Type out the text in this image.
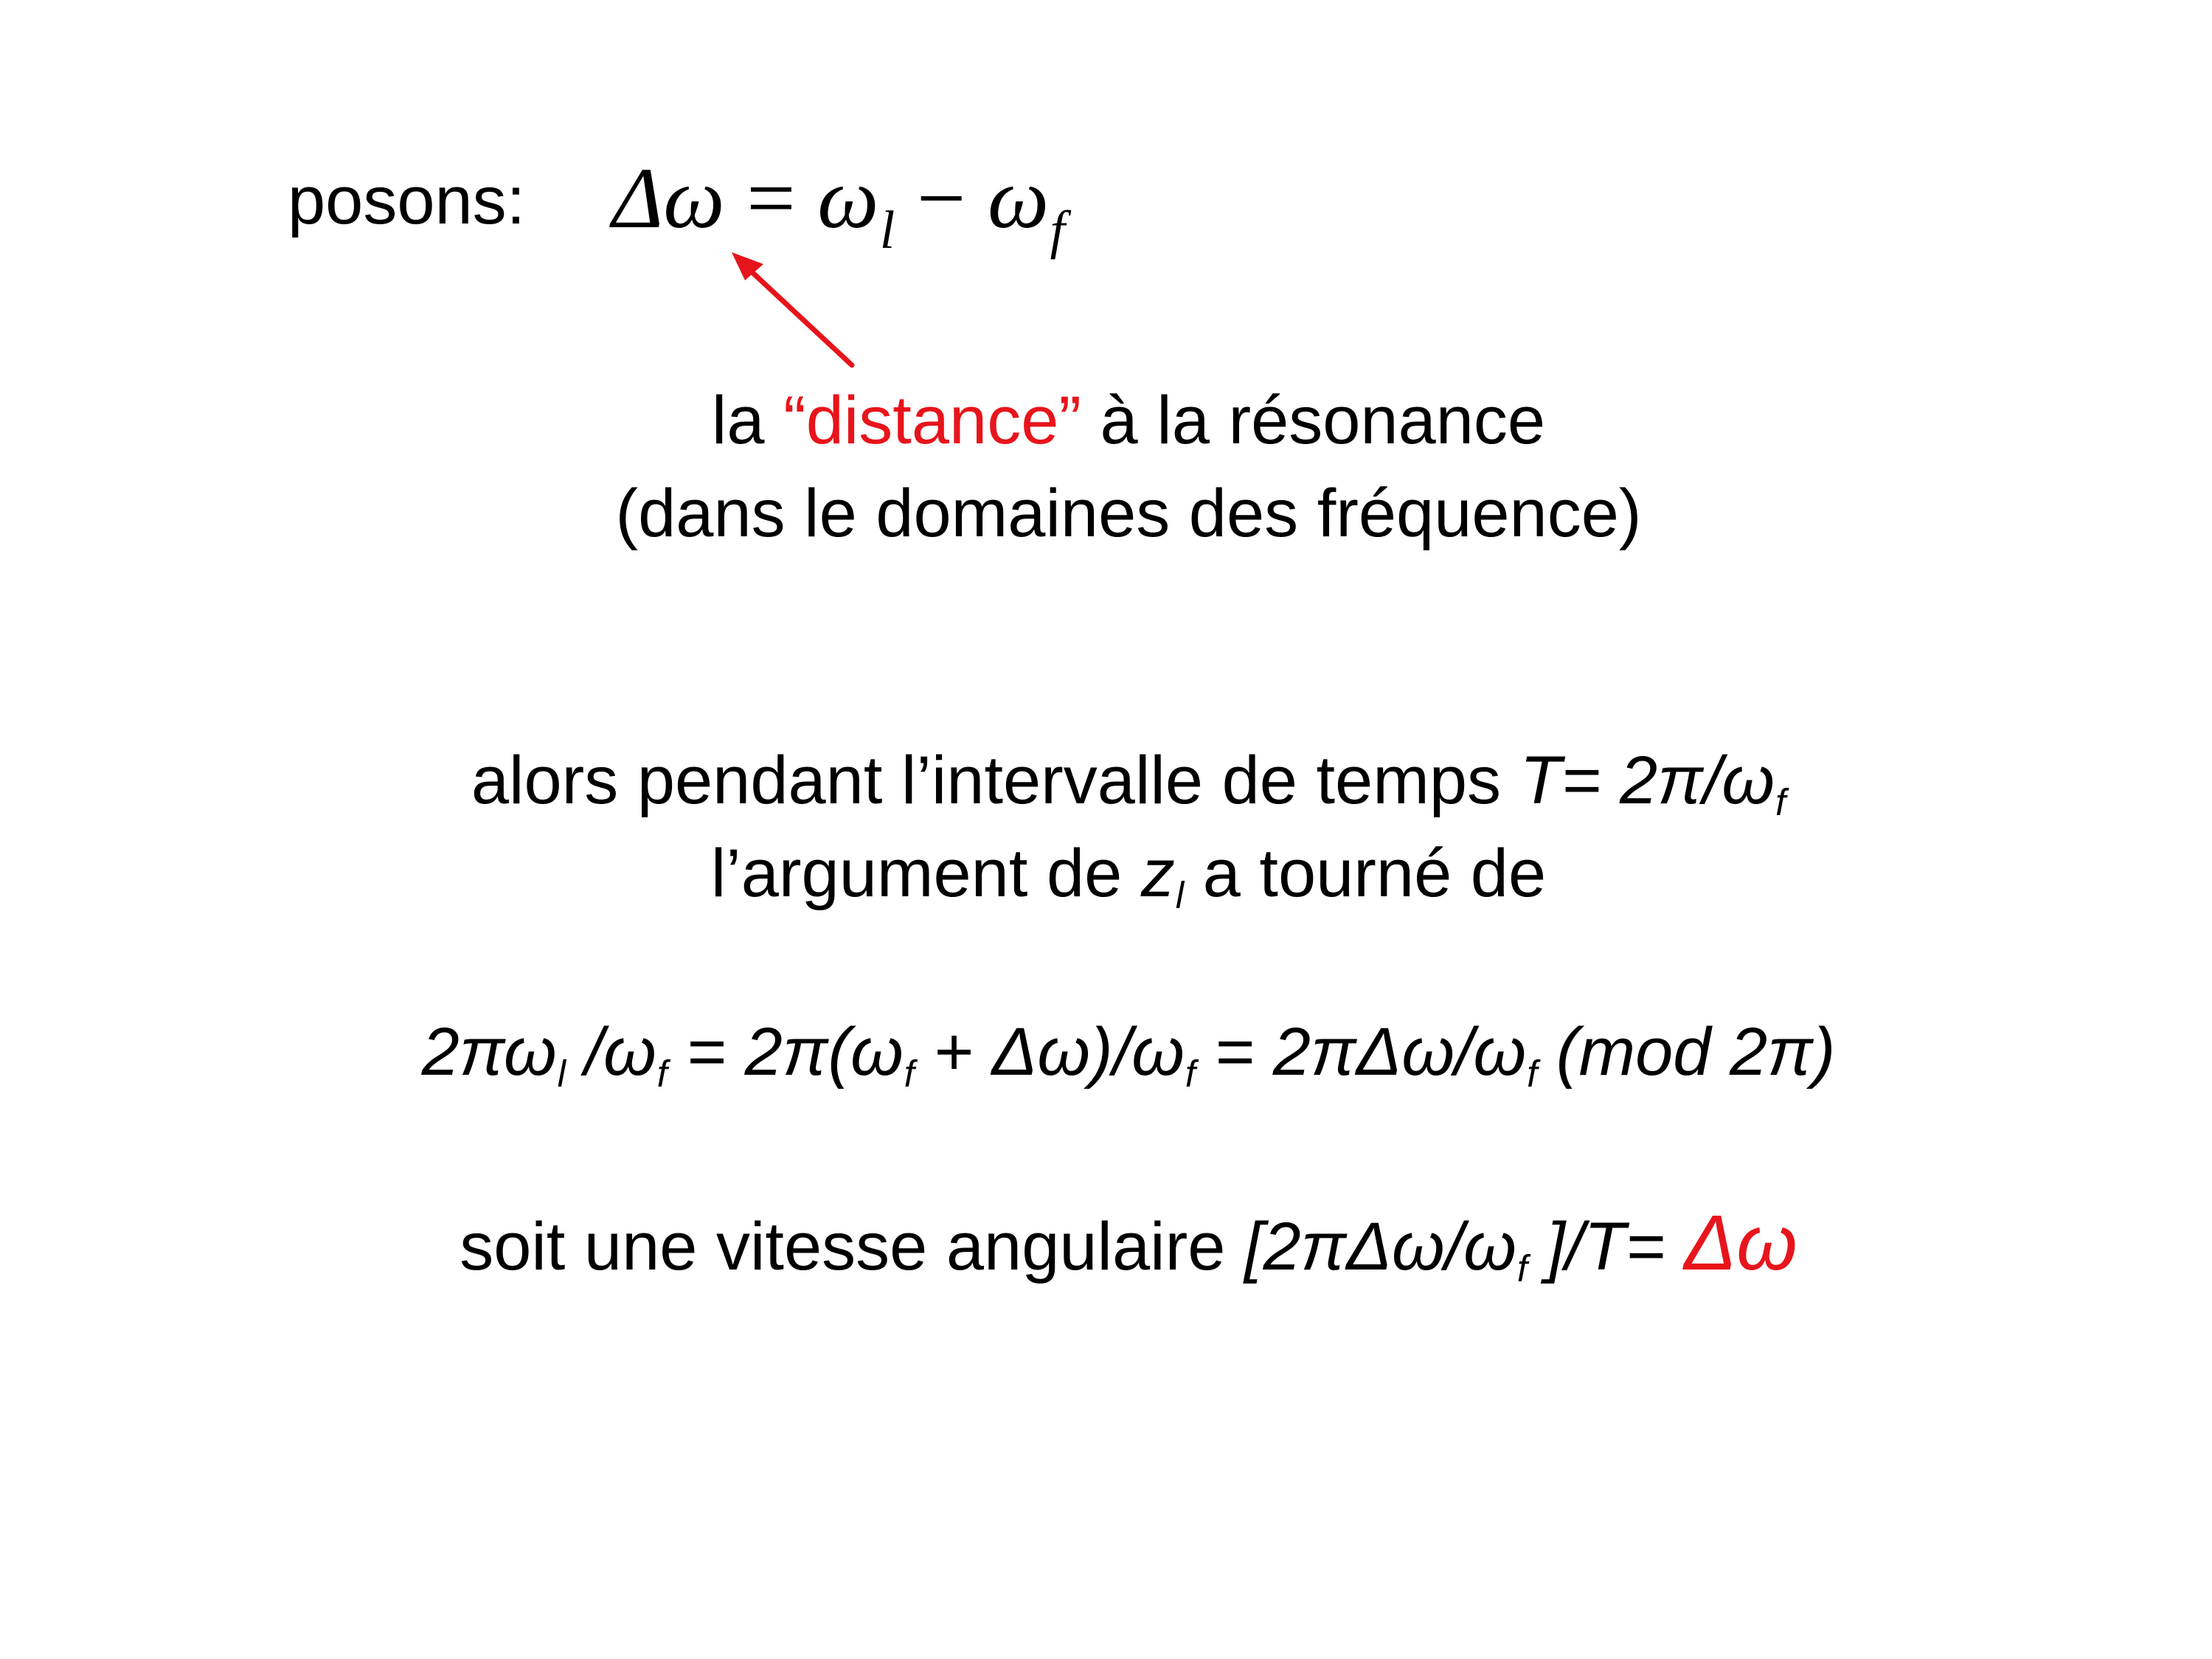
posons: $\Delta\omega = \omega_l - \omega_f$
la “distance” à la résonance
(dans le domaines des fréquence)
alors pendant l’intervalle de temps T= 2π/ωf
l’argument de zl a tourné de
2πωl /ωf = 2π(ωf + Δω)/ωf = 2πΔω/ωf (mod 2π)
soit une vitesse angulaire [2πΔω/ωf ]/T= Δω
